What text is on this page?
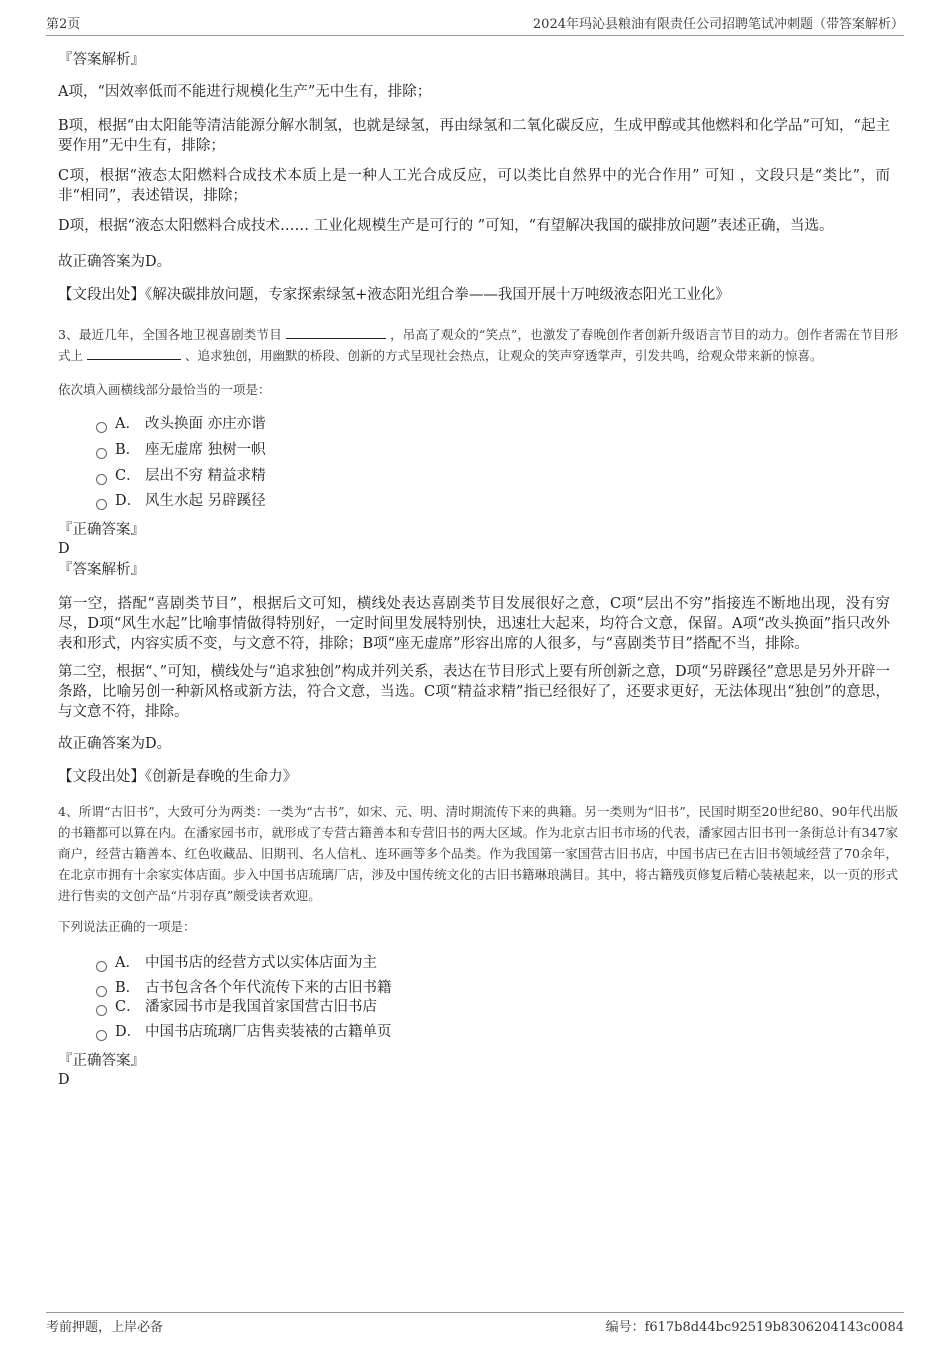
第2页	2024年玛沁县粮油有限责任公司招聘笔试冲刺题（带答案解析）
『答案解析』
A项，“因效率低而不能进行规模化生产”无中生有，排除；
B项，根据“由太阳能等清洁能源分解水制氢，也就是绿氢，再由绿氢和二氧化碳反应，生成甲醇或其他燃料和化学品”可知，“起主要作用”无中生有，排除；
C项，根据“液态太阳燃料合成技术本质上是一种人工光合成反应，可以类比自然界中的光合作用” 可知 ，文段只是“类比”，而非“相同”，表述错误，排除；
D项，根据“液态太阳燃料合成技术…… 工业化规模生产是可行的 ”可知，“有望解决我国的碳排放问题”表述正确，当选。
故正确答案为D。
【文段出处】《解决碳排放问题，专家探索绿氢+液态阳光组合拳——我国开展十万吨级液态阳光工业化》
3、最近几年，全国各地卫视喜剧类节目	，吊高了观众的“笑点”，也激发了春晚创作者创新升级语言节目的动力。创作者需在节目形式上	、追求独创，用幽默的桥段、创新的方式呈现社会热点，让观众的笑声穿透掌声，引发共鸣，给观众带来新的惊喜。
依次填入画横线部分最恰当的一项是：
A． 改头换面 亦庄亦谐
B． 座无虚席 独树一帜
C． 层出不穷 精益求精
D． 风生水起 另辟蹊径
『正确答案』
D
『答案解析』
第一空，搭配“喜剧类节目”，根据后文可知，横线处表达喜剧类节目发展很好之意，C项“层出不穷”指接连不断地出现，没有穷尽，D项“风生水起”比喻事情做得特别好，一定时间里发展特别快，迅速壮大起来，均符合文意，保留。A项“改头换面”指只改外表和形式，内容实质不变，与文意不符，排除；B项“座无虚席”形容出席的人很多，与“喜剧类节目”搭配不当，排除。
第二空，根据“、”可知，横线处与“追求独创”构成并列关系，表达在节目形式上要有所创新之意，D项“另辟蹊径”意思是另外开辟一条路，比喻另创一种新风格或新方法，符合文意，当选。C项“精益求精”指已经很好了，还要求更好，无法体现出“独创”的意思，与文意不符，排除。
故正确答案为D。
【文段出处】《创新是春晚的生命力》
4、所谓“古旧书”，大致可分为两类：一类为“古书”，如宋、元、明、清时期流传下来的典籍。另一类则为“旧书”，民国时期至20世纪80、90年代出版的书籍都可以算在内。在潘家园书市，就形成了专营古籍善本和专营旧书的两大区域。作为北京古旧书市场的代表，潘家园古旧书刊一条街总计有347家商户，经营古籍善本、红色收藏品、旧期刊、名人信札、连环画等多个品类。作为我国第一家国营古旧书店，中国书店已在古旧书领域经营了70余年，在北京市拥有十余家实体店面。步入中国书店琉璃厂店，涉及中国传统文化的古旧书籍琳琅满目。其中，将古籍残页修复后精心装裱起来，以一页的形式进行售卖的文创产品“片羽存真”颇受读者欢迎。
下列说法正确的一项是：
A． 中国书店的经营方式以实体店面为主
B． 古书包含各个年代流传下来的古旧书籍
C． 潘家园书市是我国首家国营古旧书店
D． 中国书店琉璃厂店售卖装裱的古籍单页
『正确答案』
D
考前押题，上岸必备	编号：f617b8d44bc92519b8306204143c0084
